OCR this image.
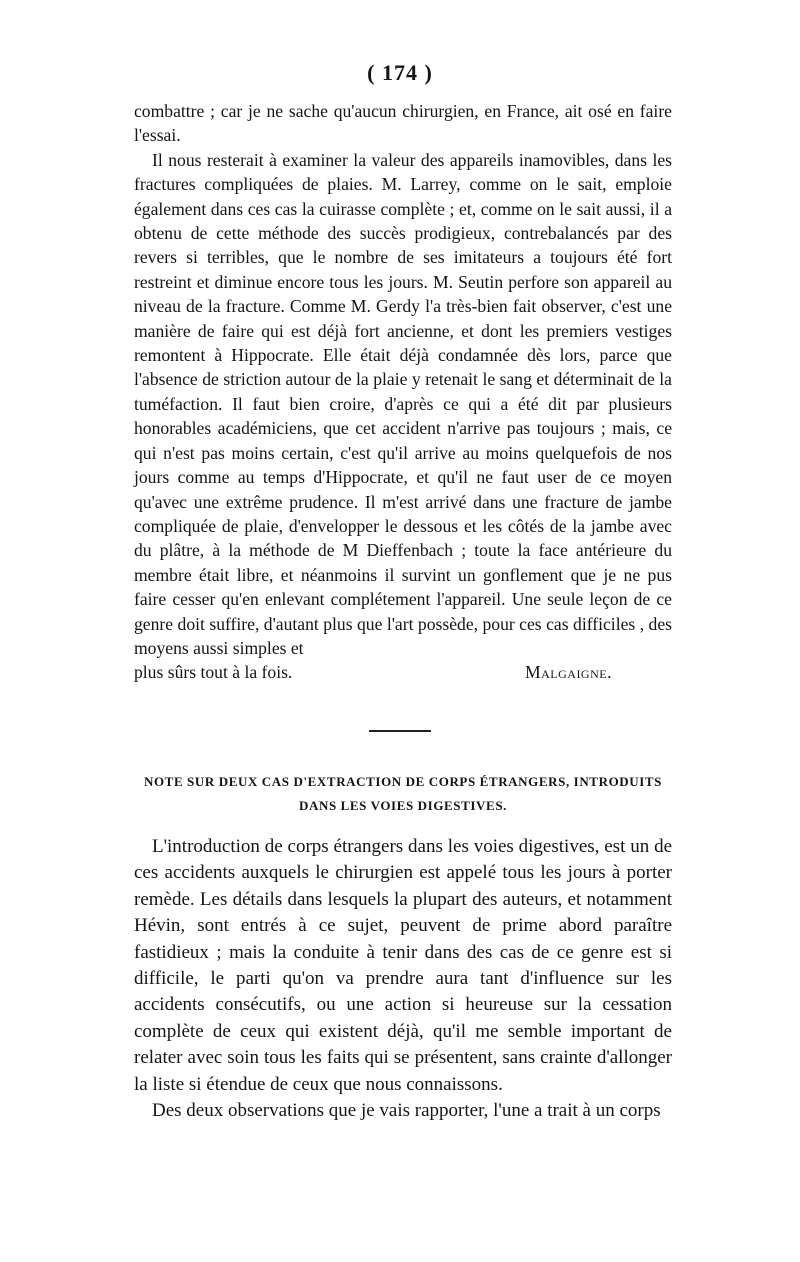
( 174 )

combattre ; car je ne sache qu'aucun chirurgien, en France, ait osé en faire l'essai.

Il nous resterait à examiner la valeur des appareils inamovibles, dans les fractures compliquées de plaies. M. Larrey, comme on le sait, emploie également dans ces cas la cuirasse complète ; et, comme on le sait aussi, il a obtenu de cette méthode des succès prodigieux, contrebalancés par des revers si terribles, que le nombre de ses imitateurs a toujours été fort restreint et diminue encore tous les jours. M. Seutin perfore son appareil au niveau de la fracture. Comme M. Gerdy l'a très-bien fait observer, c'est une manière de faire qui est déjà fort ancienne, et dont les premiers vestiges remontent à Hippocrate. Elle était déjà condamnée dès lors, parce que l'absence de striction autour de la plaie y retenait le sang et déterminait de la tuméfaction. Il faut bien croire, d'après ce qui a été dit par plusieurs honorables académiciens, que cet accident n'arrive pas toujours ; mais, ce qui n'est pas moins certain, c'est qu'il arrive au moins quelquefois de nos jours comme au temps d'Hippocrate, et qu'il ne faut user de ce moyen qu'avec une extrême prudence. Il m'est arrivé dans une fracture de jambe compliquée de plaie, d'envelopper le dessous et les côtés de la jambe avec du plâtre, à la méthode de M Dieffenbach ; toute la face antérieure du membre était libre, et néanmoins il survint un gonflement que je ne pus faire cesser qu'en enlevant complétement l'appareil. Une seule leçon de ce genre doit suffire, d'autant plus que l'art possède, pour ces cas difficiles , des moyens aussi simples et

plus sûrs tout à la fois.	Malgaigne.
NOTE SUR DEUX CAS D'EXTRACTION DE CORPS ÉTRANGERS, INTRODUITS
DANS LES VOIES DIGESTIVES.

L'introduction de corps étrangers dans les voies digestives, est un de ces accidents auxquels le chirurgien est appelé tous les jours à porter remède. Les détails dans lesquels la plupart des auteurs, et notamment Hévin, sont entrés à ce sujet, peuvent de prime abord paraître fastidieux ; mais la conduite à tenir dans des cas de ce genre est si difficile, le parti qu'on va prendre aura tant d'influence sur les accidents consécutifs, ou une action si heureuse sur la cessation complète de ceux qui existent déjà, qu'il me semble important de relater avec soin tous les faits qui se présentent, sans crainte d'allonger la liste si étendue de ceux que nous connaissons.

Des deux observations que je vais rapporter, l'une a trait à un corps
